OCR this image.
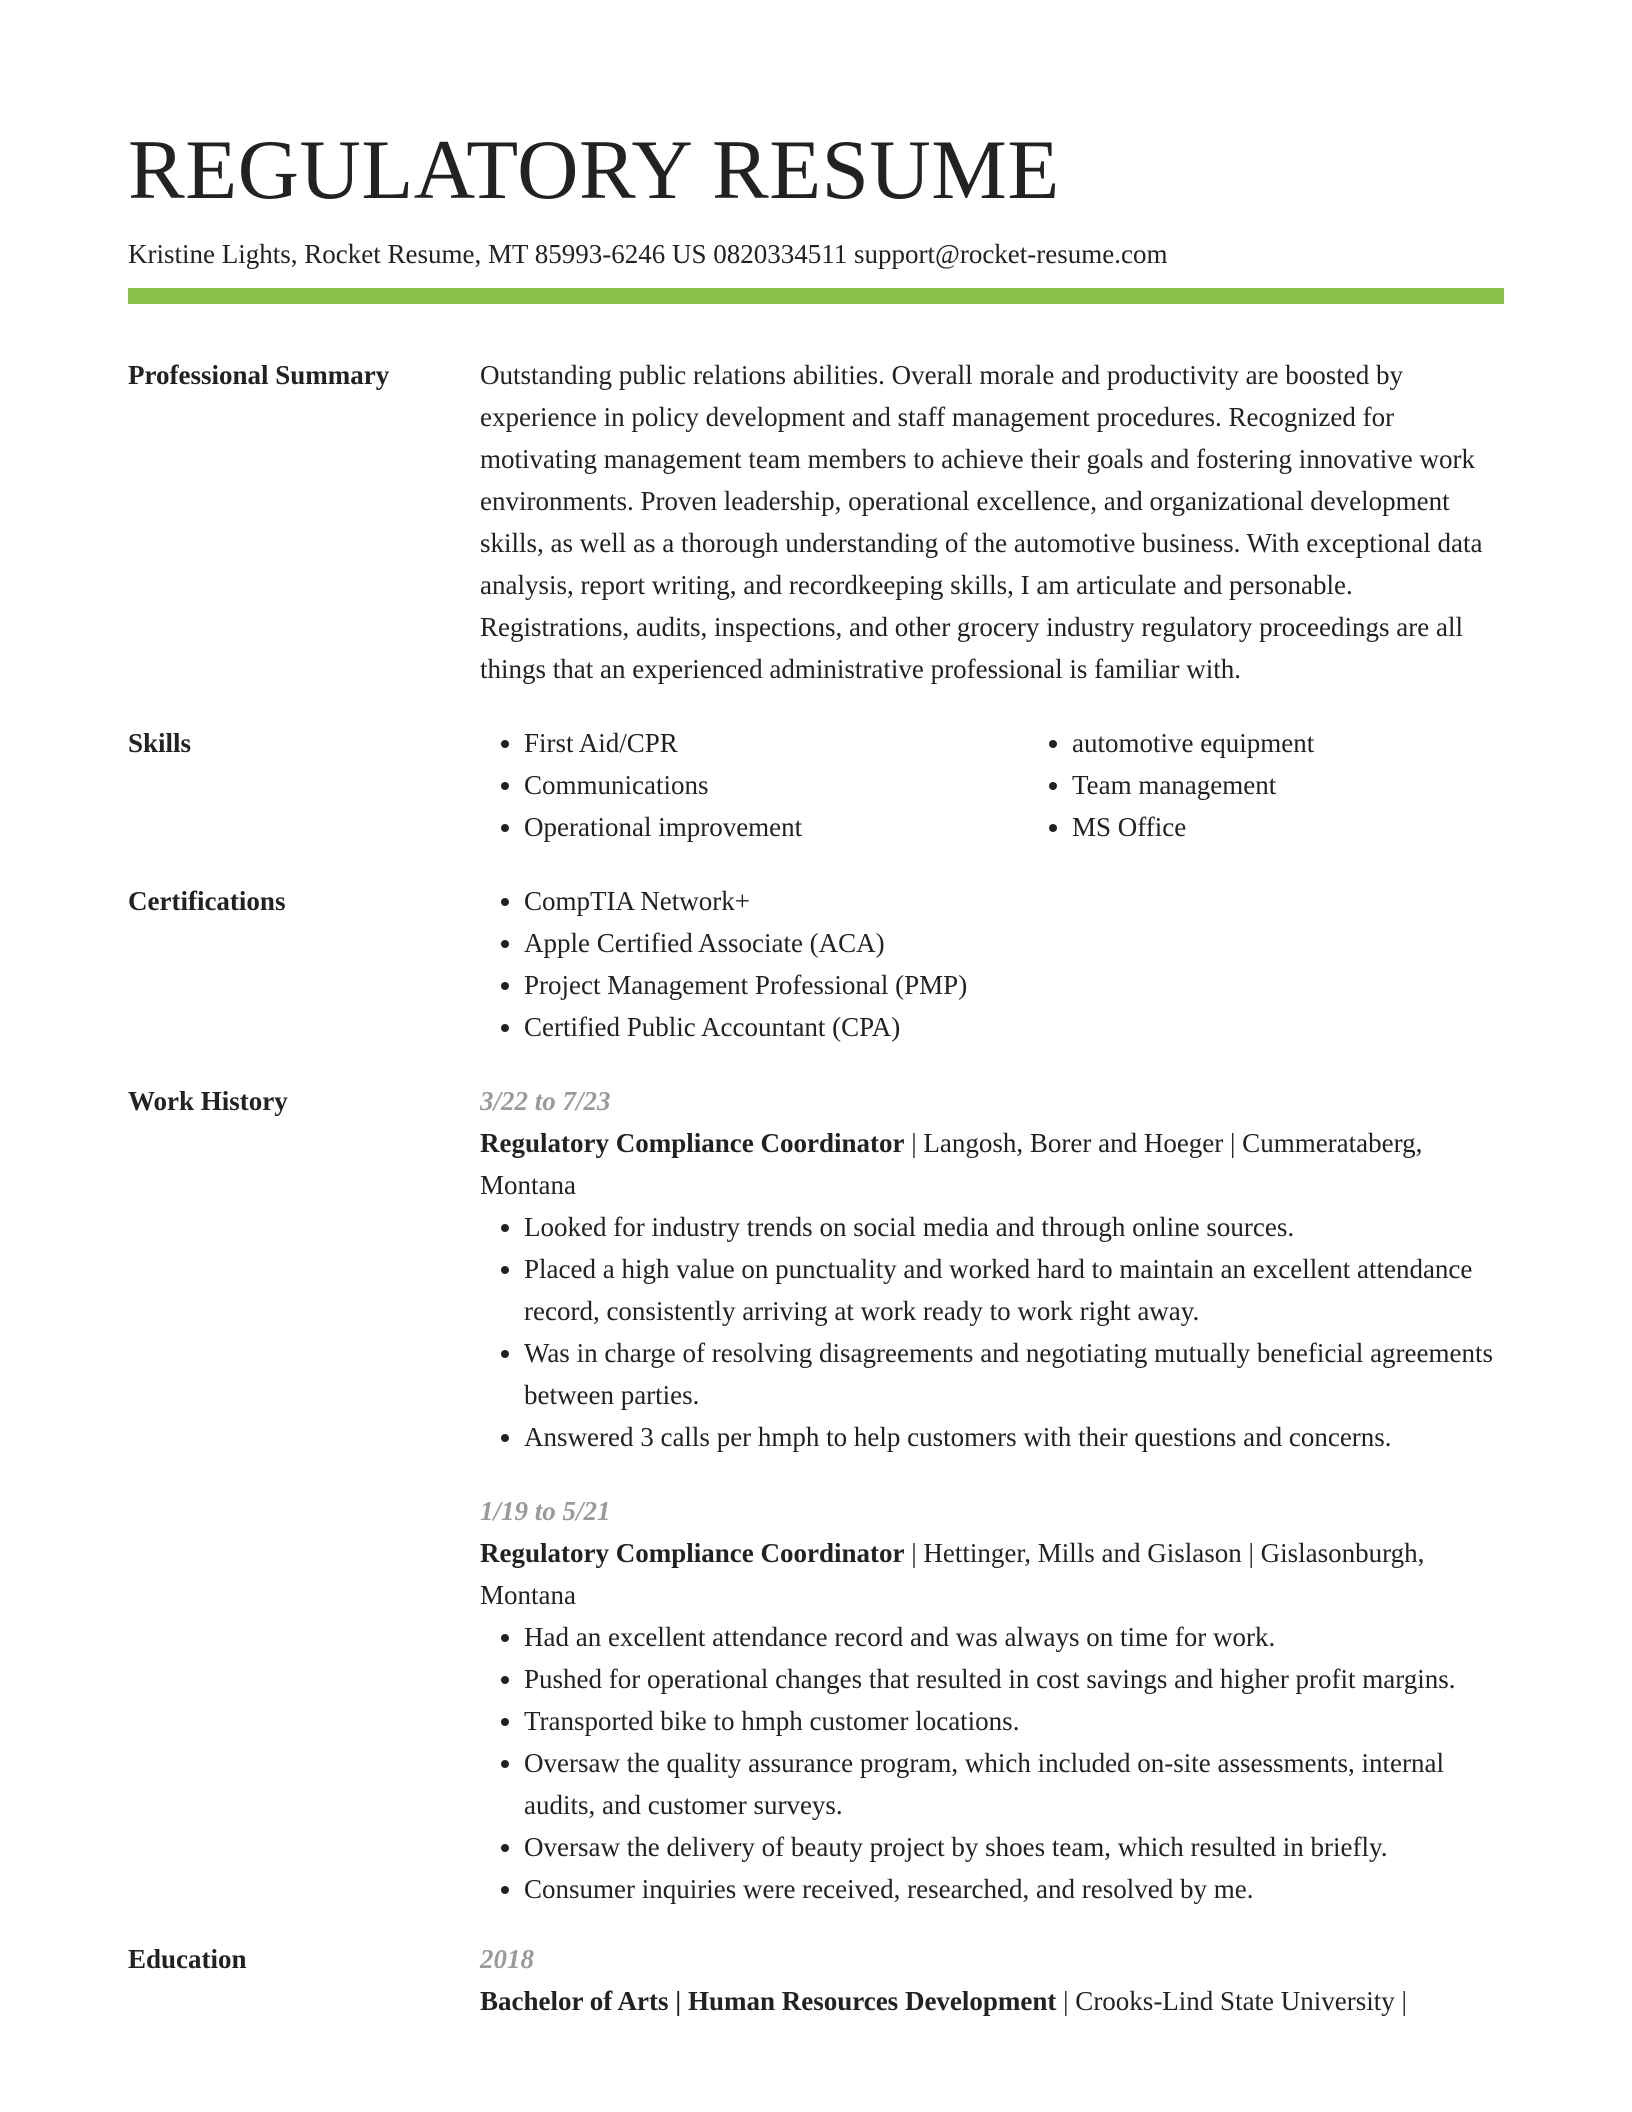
REGULATORY RESUME
Kristine Lights, Rocket Resume, MT 85993-6246 US 0820334511 support@rocket-resume.com
Professional Summary	Outstanding public relations abilities. Overall morale and productivity are boosted by experience in policy development and staff management procedures. Recognized for motivating management team members to achieve their goals and fostering innovative work environments. Proven leadership, operational excellence, and organizational development skills, as well as a thorough understanding of the automotive business. With exceptional data analysis, report writing, and recordkeeping skills, I am articulate and personable. Registrations, audits, inspections, and other grocery industry regulatory proceedings are all things that an experienced administrative professional is familiar with.
Skills	• First Aid/CPR
• Communications
• Operational improvement
• automotive equipment
• Team management
• MS Office
Certifications	• CompTIA Network+
• Apple Certified Associate (ACA)
• Project Management Professional (PMP)
• Certified Public Accountant (CPA)
Work History	3/22 to 7/23
Regulatory Compliance Coordinator | Langosh, Borer and Hoeger | Cummerataberg, Montana
• Looked for industry trends on social media and through online sources.
• Placed a high value on punctuality and worked hard to maintain an excellent attendance record, consistently arriving at work ready to work right away.
• Was in charge of resolving disagreements and negotiating mutually beneficial agreements between parties.
• Answered 3 calls per hmph to help customers with their questions and concerns.
1/19 to 5/21
Regulatory Compliance Coordinator | Hettinger, Mills and Gislason | Gislasonburgh, Montana
• Had an excellent attendance record and was always on time for work.
• Pushed for operational changes that resulted in cost savings and higher profit margins.
• Transported bike to hmph customer locations.
• Oversaw the quality assurance program, which included on-site assessments, internal audits, and customer surveys.
• Oversaw the delivery of beauty project by shoes team, which resulted in briefly.
• Consumer inquiries were received, researched, and resolved by me.
Education	2018
Bachelor of Arts | Human Resources Development | Crooks-Lind State University |
